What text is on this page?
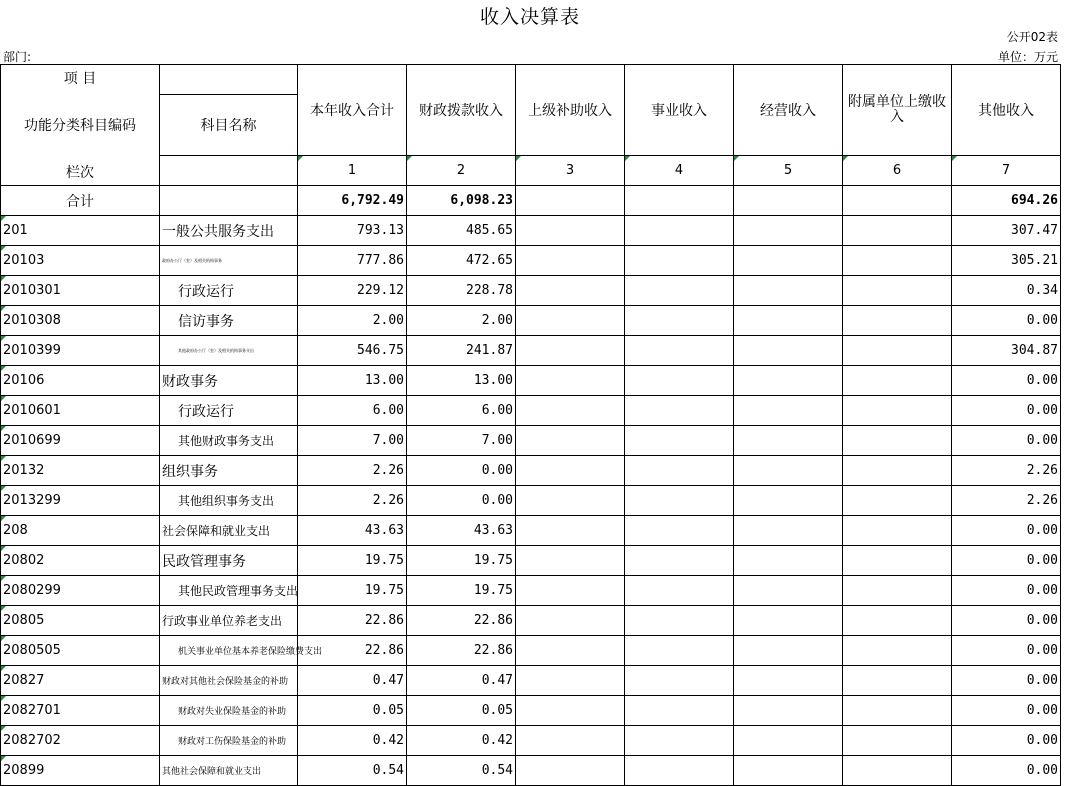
收入决算表
公开02表
部门:	单位：万元
项 目
功能分类科目编码
栏次		本年收入合计	财政拨款收入	上级补助收入	事业收入	经营收入	附属单位上缴收入	其他收入
	科目名称							
		1	2	3	4	5	6	7
合计		6,792.49	6,098.23					694.26
201	一般公共服务支出	793.13	485.65					307.47
20103	政府办公厅（室）及相关机构事务	777.86	472.65					305.21
2010301	行政运行	229.12	228.78					0.34
2010308	信访事务	2.00	2.00					0.00
2010399	其他政府办公厅（室）及相关机构事务支出	546.75	241.87					304.87
20106	财政事务	13.00	13.00					0.00
2010601	行政运行	6.00	6.00					0.00
2010699	其他财政事务支出	7.00	7.00					0.00
20132	组织事务	2.26	0.00					2.26
2013299	其他组织事务支出	2.26	0.00					2.26
208	社会保障和就业支出	43.63	43.63					0.00
20802	民政管理事务	19.75	19.75					0.00
2080299	其他民政管理事务支出	19.75	19.75					0.00
20805	行政事业单位养老支出	22.86	22.86					0.00
2080505	机关事业单位基本养老保险缴费支出	22.86	22.86					0.00
20827	财政对其他社会保险基金的补助	0.47	0.47					0.00
2082701	财政对失业保险基金的补助	0.05	0.05					0.00
2082702	财政对工伤保险基金的补助	0.42	0.42					0.00
20899	其他社会保障和就业支出	0.54	0.54					0.00
